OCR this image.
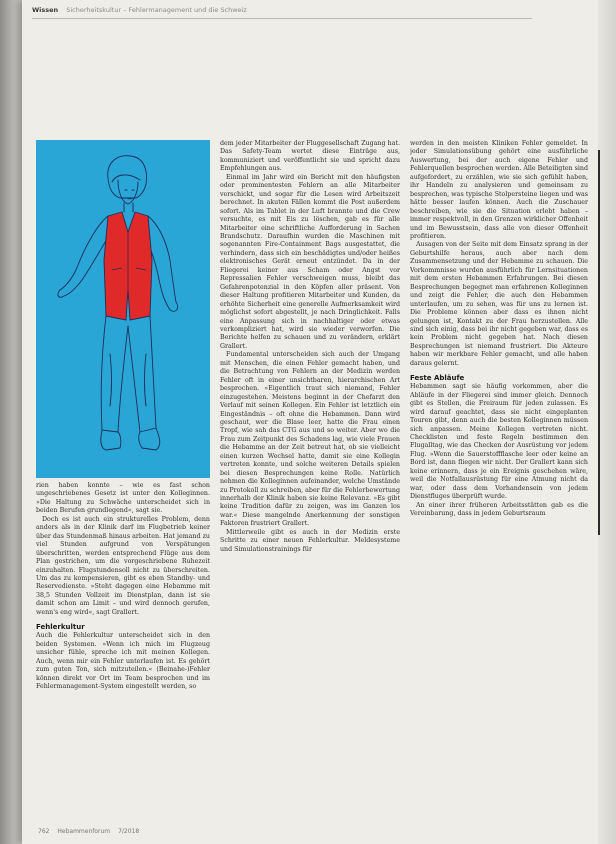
Wissen Sicherheitskultur – Fehlermanagement und die Schweiz

rien haben konnte – wie es fast schon ungeschriebenes Gesetz ist unter den Kolleginnen. »Die Haltung zu Schwäche unterscheidet sich in beiden Berufen grundlegend«, sagt sie.

Doch es ist auch ein strukturelles Problem, denn anders als in der Klinik darf im Flugbetrieb keiner über das Stundenmaß hinaus arbeiten. Hat jemand zu viel Stunden aufgrund von Verspätungen überschritten, werden entsprechend Flüge aus dem Plan gestrichen, um die vorgeschriebene Ruhezeit einzuhalten. Flugstundensoll nicht zu überschreiten. Um das zu kompensieren, gibt es eben Standby- und Reservedienste. »Steht dagegen eine Hebamme mit 38,5 Stunden Vollzeit im Dienstplan, dann ist sie damit schon am Limit – und wird dennoch gerufen, wenn's eng wird«, sagt Grallert.

Fehlerkultur

Auch die Fehlerkultur unterscheidet sich in den beiden Systemen. »Wenn ich mich im Flugzeug unsicher fühle, spreche ich mit meinen Kollegen. Auch, wenn mir ein Fehler unterlaufen ist. Es gehört zum guten Ton, sich mitzuteilen.« (Beinahe-)Fehler können direkt vor Ort im Team besprochen und im Fehlermanagement-System eingestellt werden, so

dem jeder Mitarbeiter der Fluggesellschaft Zugang hat. Das Safety-Team wertet diese Einträge aus, kommuniziert und veröffentlicht sie und spricht dazu Empfehlungen aus.

Einmal im Jahr wird ein Bericht mit den häufigsten oder prominentesten Fehlern an alle Mitarbeiter verschickt, und sogar für die Lesen wird Arbeitszeit berechnet. In akuten Fällen kommt die Post außerdem sofort. Als im Tablet in der Luft brannte und die Crew versuchte, es mit Eis zu löschen, gab es für alle Mitarbeiter eine schriftliche Aufforderung in Sachen Brandschutz. Daraufhin wurden die Maschinen mit sogenannten Fire-Containment Bags ausgestattet, die verhindern, dass sich ein beschädigtes und/oder heißes elektronisches Gerät erneut entzündet. Da in der Fliegerei keiner aus Scham oder Angst vor Repressalien Fehler verschweigen muss, bleibt das Gefahrenpotenzial in den Köpfen aller präsent. Von dieser Haltung profitieren Mitarbeiter und Kunden, da erhöhte Sicherheit eine generelle Aufmerksamkeit wird möglichst sofort abgestellt, je nach Dringlichkeit. Falls eine Anpassung sich in nachhaltiger oder etwas verkompliziert hat, wird sie wieder verworfen. Die Berichte helfen zu schauen und zu verändern, erklärt Grallert.

Fundamental unterscheiden sich auch der Umgang mit Menschen, die einen Fehler gemacht haben, und die Betrachtung von Fehlern an der Medizin werden Fehler oft in einer unsichtbaren, hierarchischen Art besprochen. »Eigentlich traut sich niemand, Fehler einzugestehen. Meistens beginnt in der Chefarzt den Verlauf mit seinen Kollegen. Ein Fehler ist letztlich ein Eingeständnis – oft ohne die Hebammen. Dann wird geschaut, wer die Blase leer, hatte die Frau einen Tropf, wie sah das CTG aus und so weiter. Aber wo die Frau zum Zeitpunkt des Schadens lag, wie viele Frauen die Hebamme an der Zeit betreut hat, ob sie vielleicht einen kurzen Wechsel hatte, damit sie eine Kollegin vertreten konnte, und solche weiteren Details spielen bei diesen Besprechungen keine Rolle. Natürlich nehmen die Kolleginnen aufeinander, welche Umstände zu Protokoll zu schreiben, aber für die Fehlerbewertung innerhalb der Klinik haben sie keine Relevanz. »Es gibt keine Tradition dafür zu zeigen, was im Ganzen los war.« Diese mangelnde Anerkennung der sonstigen Faktoren frustriert Grallert.

Mittlerweile gibt es auch in der Medizin erste Schritte zu einer neuen Fehlerkultur. Meldesysteme und Simulationstrainings für

werden in den meisten Kliniken Fehler gemeldet. In jeder Simulationsübung gehört eine ausführliche Auswertung, bei der auch eigene Fehler und Fehlerquellen besprochen werden. Alle Beteiligten sind aufgefordert, zu erzählen, wie sie sich gefühlt haben, ihr Handeln zu analysieren und gemeinsam zu besprechen, was typische Stolpersteine liegen und was hätte besser laufen können. Auch die Zuschauer beschreiben, wie sie die Situation erlebt haben – immer respektvoll, in den Grenzen wirklicher Offenheit und im Bewusstsein, dass alle von dieser Offenheit profitieren.

Ausagen von der Seite mit dem Einsatz sprang in der Geburtshilfe heraus, auch aber nach dem Zusammensetzung und der Hebamme zu schauen. Die Vorkommnisse wurden ausführlich für Lernsituationen mit dem ersten Hebammen Erfahrungen. Bei diesen Besprechungen begegnet man erfahrenen Kolleginnen und zeigt die Fehler, die auch den Hebammen unterlaufen, um zu sehen, was für uns zu lernen ist. Die Probleme können aber dass es ihnen nicht gelungen ist, Kontakt zu der Frau herzustellen. Alle sind sich einig, dass bei ihr nicht gegeben war, dass es kein Problem nicht gegeben hat. Nach diesen Besprechungen ist niemand frustriert. Die Akteure haben wir merkbare Fehler gemacht, und alle haben daraus gelernt.

Feste Abläufe

Hebammen sagt sie häufig vorkommen, aber die Abläufe in der Fliegerei sind immer gleich. Dennoch gibt es Stellen, die Freiraum für jeden zulassen. Es wird darauf geachtet, dass sie nicht eingeplanten Touren gibt, denn auch die besten Kolleginnen müssen sich anpassen. Meine Kollegen vertreten nicht. Checklisten und feste Regeln bestimmen den Flugalltag, wie das Checken der Ausrüstung vor jedem Flug. »Wenn die Sauerstoffflasche leer oder keine an Bord ist, dann fliegen wir nicht. Der Grallert kann sich keine erinnern, dass je ein Ereignis geschehen wäre, weil die Notfallausrüstung für eine Atmung nicht da war, oder dass dem Vorhandensein von jedem Dienstfluges überprüft wurde.

An einer ihrer früheren Arbeitsstätten gab es die Vereinbarung, dass in jedem Geburtsraum

762 Hebammenforum 7/2018
